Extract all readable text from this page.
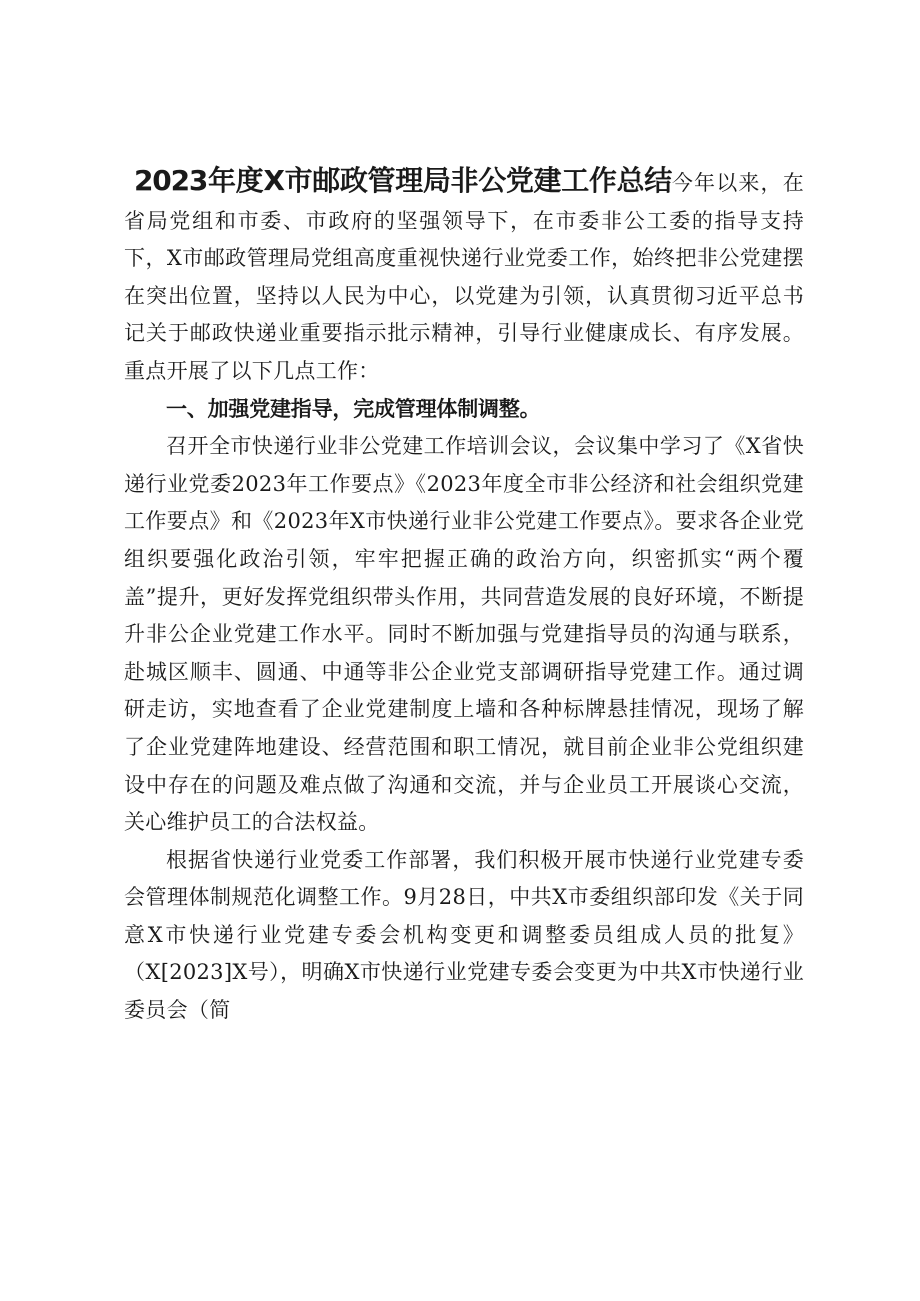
2023年度X市邮政管理局非公党建工作总结今年以来，在省局党组和市委、市政府的坚强领导下，在市委非公工委的指导支持下，X市邮政管理局党组高度重视快递行业党委工作，始终把非公党建摆在突出位置，坚持以人民为中心，以党建为引领，认真贯彻习近平总书记关于邮政快递业重要指示批示精神，引导行业健康成长、有序发展。重点开展了以下几点工作：

一、加强党建指导，完成管理体制调整。

召开全市快递行业非公党建工作培训会议，会议集中学习了《X省快递行业党委2023年工作要点》《2023年度全市非公经济和社会组织党建工作要点》和《2023年X市快递行业非公党建工作要点》。要求各企业党组织要强化政治引领，牢牢把握正确的政治方向，织密抓实“两个覆盖”提升，更好发挥党组织带头作用，共同营造发展的良好环境，不断提升非公企业党建工作水平。同时不断加强与党建指导员的沟通与联系，赴城区顺丰、圆通、中通等非公企业党支部调研指导党建工作。通过调研走访，实地查看了企业党建制度上墙和各种标牌悬挂情况，现场了解了企业党建阵地建设、经营范围和职工情况，就目前企业非公党组织建设中存在的问题及难点做了沟通和交流，并与企业员工开展谈心交流，关心维护员工的合法权益。

根据省快递行业党委工作部署，我们积极开展市快递行业党建专委会管理体制规范化调整工作。9月28日，中共X市委组织部印发《关于同意X市快递行业党建专委会机构变更和调整委员组成人员的批复》（X[2023]X号），明确X市快递行业党建专委会变更为中共X市快递行业委员会（简
